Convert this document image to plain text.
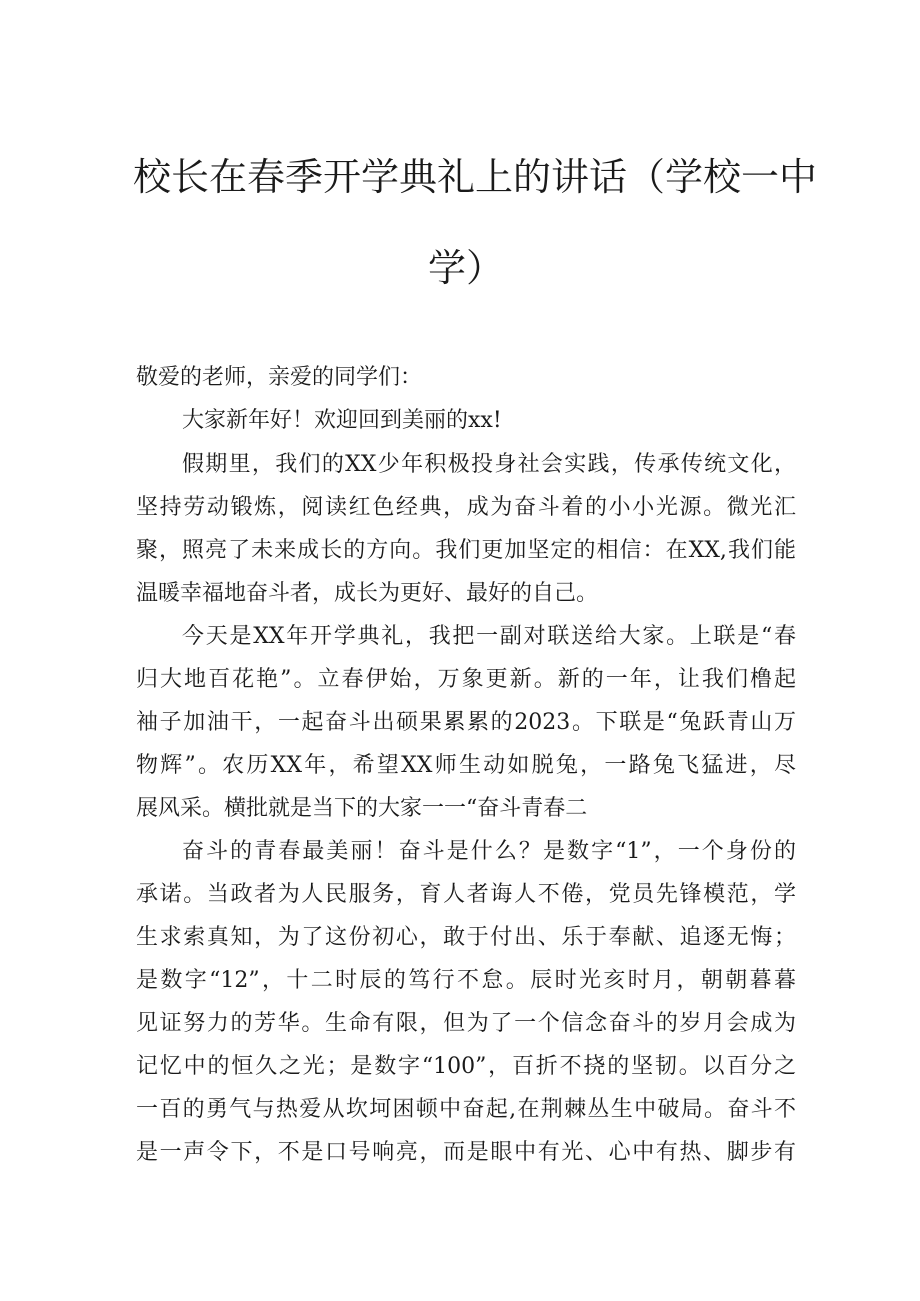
校长在春季开学典礼上的讲话（学校一中
学）
敬爱的老师，亲爱的同学们：
大家新年好！欢迎回到美丽的xx!
假期里，我们的XX少年积极投身社会实践，传承传统文化，
坚持劳动锻炼，阅读红色经典，成为奋斗着的小小光源。微光汇
聚，照亮了未来成长的方向。我们更加坚定的相信：在XX,我们能
温暖幸福地奋斗者，成长为更好、最好的自己。
今天是XX年开学典礼，我把一副对联送给大家。上联是“春
归大地百花艳”。立春伊始，万象更新。新的一年，让我们橹起
袖子加油干，一起奋斗出硕果累累的2023。下联是“兔跃青山万
物辉”。农历XX年，希望XX师生动如脱兔，一路兔飞猛进，尽
展风采。横批就是当下的大家一一“奋斗青春二
奋斗的青春最美丽！奋斗是什么？是数字“1”，一个身份的
承诺。当政者为人民服务，育人者诲人不倦，党员先锋模范，学
生求索真知，为了这份初心，敢于付出、乐于奉献、追逐无悔；
是数字“12”，十二时辰的笃行不怠。辰时光亥时月，朝朝暮暮
见证努力的芳华。生命有限，但为了一个信念奋斗的岁月会成为
记忆中的恒久之光；是数字“100”，百折不挠的坚韧。以百分之
一百的勇气与热爱从坎坷困顿中奋起,在荆棘丛生中破局。奋斗不
是一声令下，不是口号响亮，而是眼中有光、心中有热、脚步有
